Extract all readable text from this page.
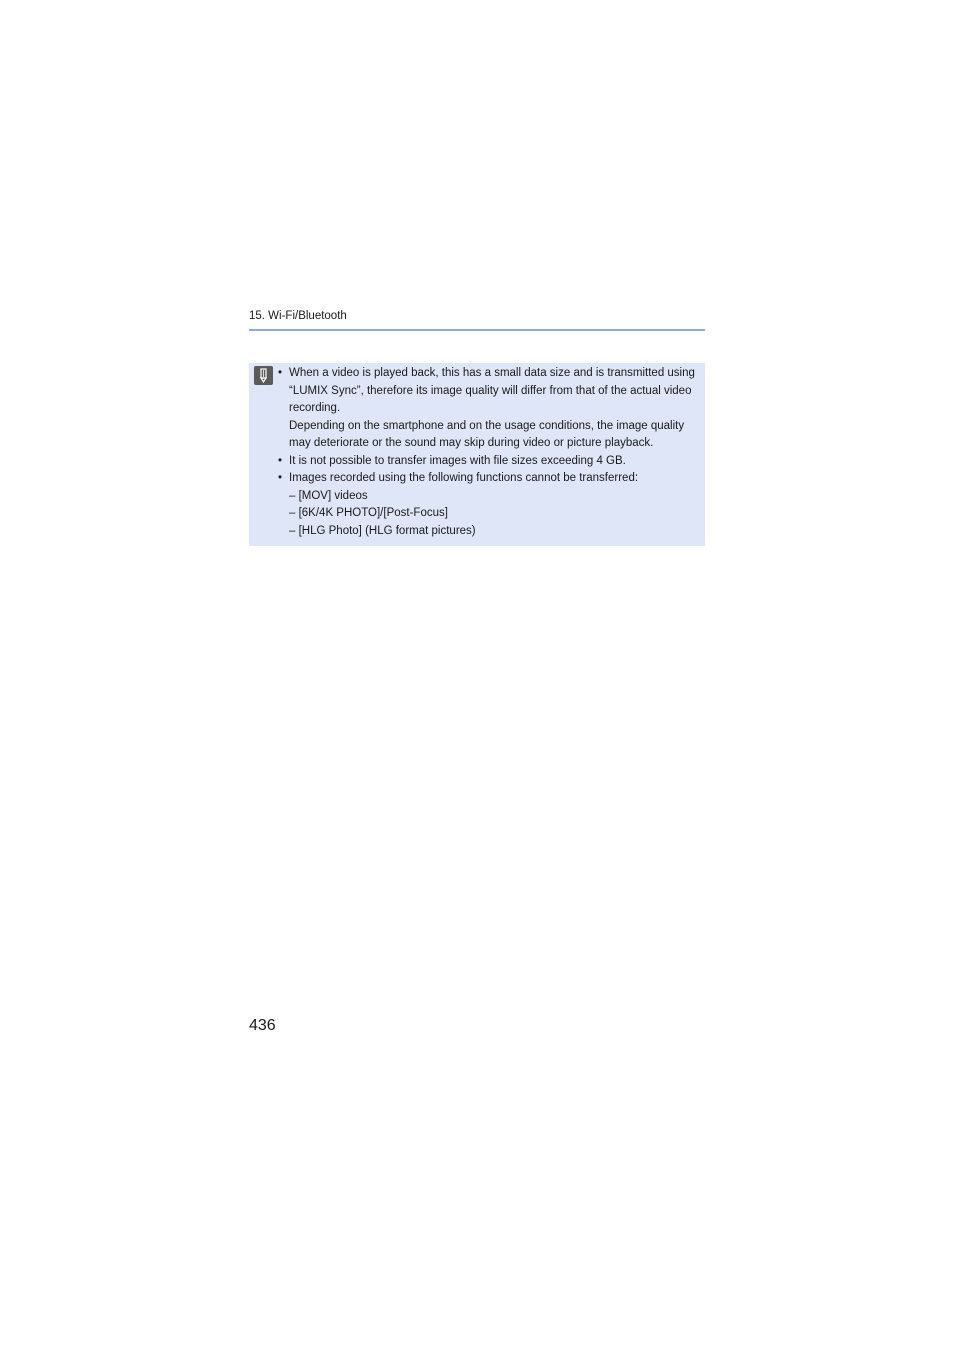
15. Wi-Fi/Bluetooth
• When a video is played back, this has a small data size and is transmitted using “LUMIX Sync”, therefore its image quality will differ from that of the actual video recording.
Depending on the smartphone and on the usage conditions, the image quality may deteriorate or the sound may skip during video or picture playback.
• It is not possible to transfer images with file sizes exceeding 4 GB.
• Images recorded using the following functions cannot be transferred:
– [MOV] videos
– [6K/4K PHOTO]/[Post-Focus]
– [HLG Photo] (HLG format pictures)
436
